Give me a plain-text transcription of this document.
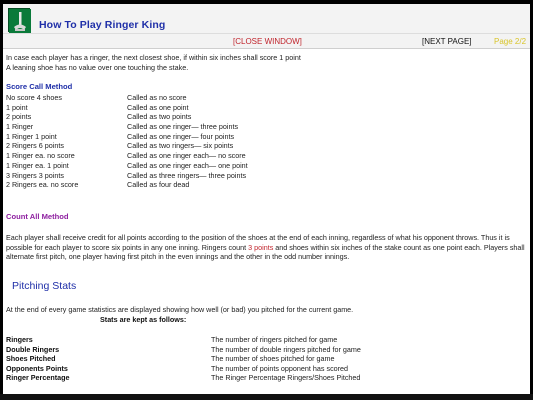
How To Play Ringer King
[CLOSE WINDOW]	[NEXT PAGE]	Page 2/2
In case each player has a ringer, the next closest shoe, if within six inches shall score 1 point
A leaning shoe has no value over one touching the stake.
Score Call Method
No score 4 shoes	Called as no score
1 point	Called as one point
2 points	Called as two points
1 Ringer	Called as one ringer— three points
1 Ringer 1 point	Called as one ringer— four points
2 Ringers 6 points	Called as two ringers— six points
1 Ringer ea. no score	Called as one ringer each— no score
1 Ringer ea. 1 point	Called as one ringer each— one point
3 Ringers 3 points	Called as three ringers— three points
2 Ringers ea. no score	Called as four dead
Count All Method
Each player shall receive credit for all points according to the position of the shoes at the end of each inning, regardless of what his opponent throws. Thus it is possible for each player to score six points in any one inning. Ringers count 3 points and shoes within six inches of the stake count as one point each. Players shall alternate first pitch, one player having first pitch in the even innings and the other in the odd number innings.
Pitching Stats
At the end of every game statistics are displayed showing how well (or bad) you pitched for the current game.
Stats are kept as follows:
Ringers	The number of ringers pitched for game
Double Ringers	The number of double ringers pitched for game
Shoes Pitched	The number of shoes pitched for game
Opponents Points	The number of points opponent has scored
Ringer Percentage	The Ringer Percentage Ringers/Shoes Pitched
